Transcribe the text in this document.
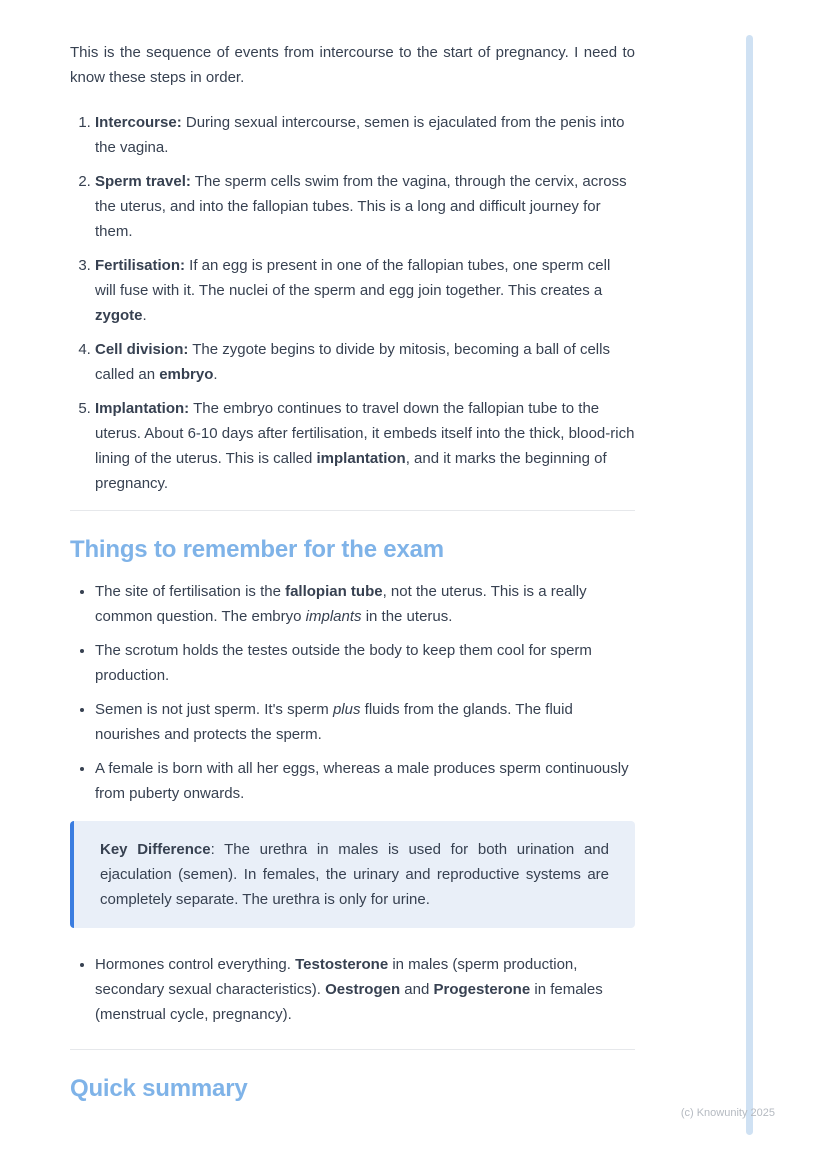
This is the sequence of events from intercourse to the start of pregnancy. I need to know these steps in order.

1. Intercourse: During sexual intercourse, semen is ejaculated from the penis into the vagina.
2. Sperm travel: The sperm cells swim from the vagina, through the cervix, across the uterus, and into the fallopian tubes. This is a long and difficult journey for them.
3. Fertilisation: If an egg is present in one of the fallopian tubes, one sperm cell will fuse with it. The nuclei of the sperm and egg join together. This creates a zygote.
4. Cell division: The zygote begins to divide by mitosis, becoming a ball of cells called an embryo.
5. Implantation: The embryo continues to travel down the fallopian tube to the uterus. About 6-10 days after fertilisation, it embeds itself into the thick, blood-rich lining of the uterus. This is called implantation, and it marks the beginning of pregnancy.
Things to remember for the exam
• The site of fertilisation is the fallopian tube, not the uterus. This is a really common question. The embryo implants in the uterus.
• The scrotum holds the testes outside the body to keep them cool for sperm production.
• Semen is not just sperm. It's sperm plus fluids from the glands. The fluid nourishes and protects the sperm.
• A female is born with all her eggs, whereas a male produces sperm continuously from puberty onwards.

Key Difference: The urethra in males is used for both urination and ejaculation (semen). In females, the urinary and reproductive systems are completely separate. The urethra is only for urine.

• Hormones control everything. Testosterone in males (sperm production, secondary sexual characteristics). Oestrogen and Progesterone in females (menstrual cycle, pregnancy).
Quick summary
(c) Knowunity 2025
